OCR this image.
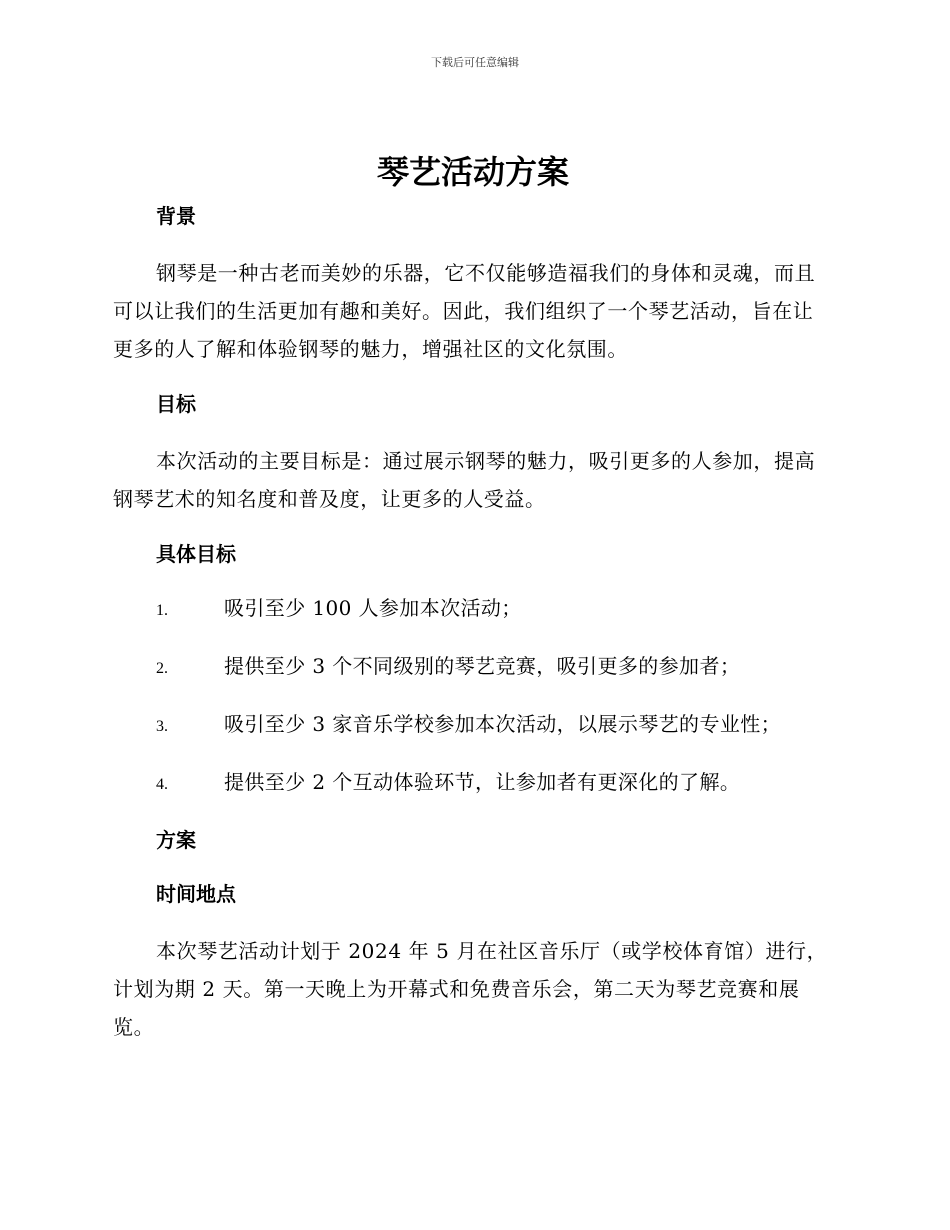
下载后可任意编辑
琴艺活动方案
背景

钢琴是一种古老而美妙的乐器，它不仅能够造福我们的身体和灵魂，而且可以让我们的生活更加有趣和美好。因此，我们组织了一个琴艺活动，旨在让更多的人了解和体验钢琴的魅力，增强社区的文化氛围。

目标

本次活动的主要目标是：通过展示钢琴的魅力，吸引更多的人参加，提高钢琴艺术的知名度和普及度，让更多的人受益。

具体目标
1.	吸引至少 100 人参加本次活动；
2.	提供至少 3 个不同级别的琴艺竞赛，吸引更多的参加者；
3.	吸引至少 3 家音乐学校参加本次活动，以展示琴艺的专业性；
4.	提供至少 2 个互动体验环节，让参加者有更深化的了解。
方案
时间地点

本次琴艺活动计划于 2024 年 5 月在社区音乐厅（或学校体育馆）进行，计划为期 2 天。第一天晚上为开幕式和免费音乐会，第二天为琴艺竞赛和展览。
